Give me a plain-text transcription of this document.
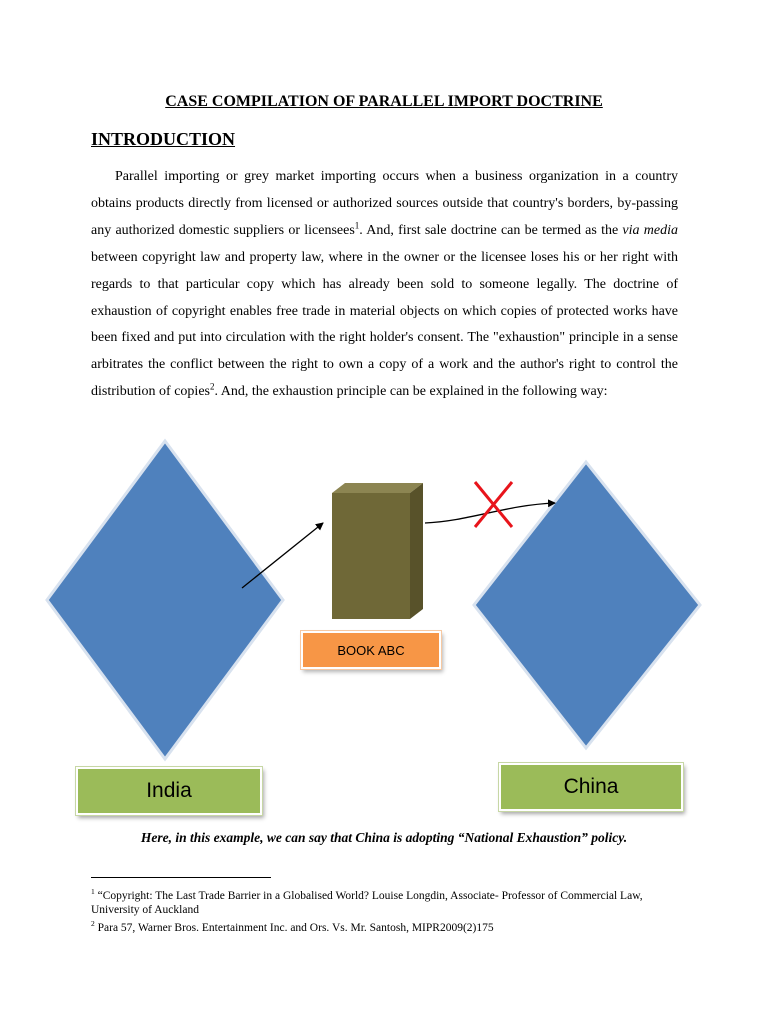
CASE COMPILATION OF PARALLEL IMPORT DOCTRINE
INTRODUCTION

Parallel importing or grey market importing occurs when a business organization in a country obtains products directly from licensed or authorized sources outside that country's borders, by-passing any authorized domestic suppliers or licensees$^1$. And, first sale doctrine can be termed as the via media between copyright law and property law, where in the owner or the licensee loses his or her right with regards to that particular copy which has already been sold to someone legally. The doctrine of exhaustion of copyright enables free trade in material objects on which copies of protected works have been fixed and put into circulation with the right holder's consent. The "exhaustion" principle in a sense arbitrates the conflict between the right to own a copy of a work and the author's right to control the distribution of copies$^2$. And, the exhaustion principle can be explained in the following way:

BOOK ABC
India	China
Here, in this example, we can say that China is adopting “National Exhaustion” policy.
$^1$ “Copyright: The Last Trade Barrier in a Globalised World? Louise Longdin, Associate- Professor of Commercial Law, University of Auckland
$^2$ Para 57, Warner Bros. Entertainment Inc. and Ors. Vs. Mr. Santosh, MIPR2009(2)175
